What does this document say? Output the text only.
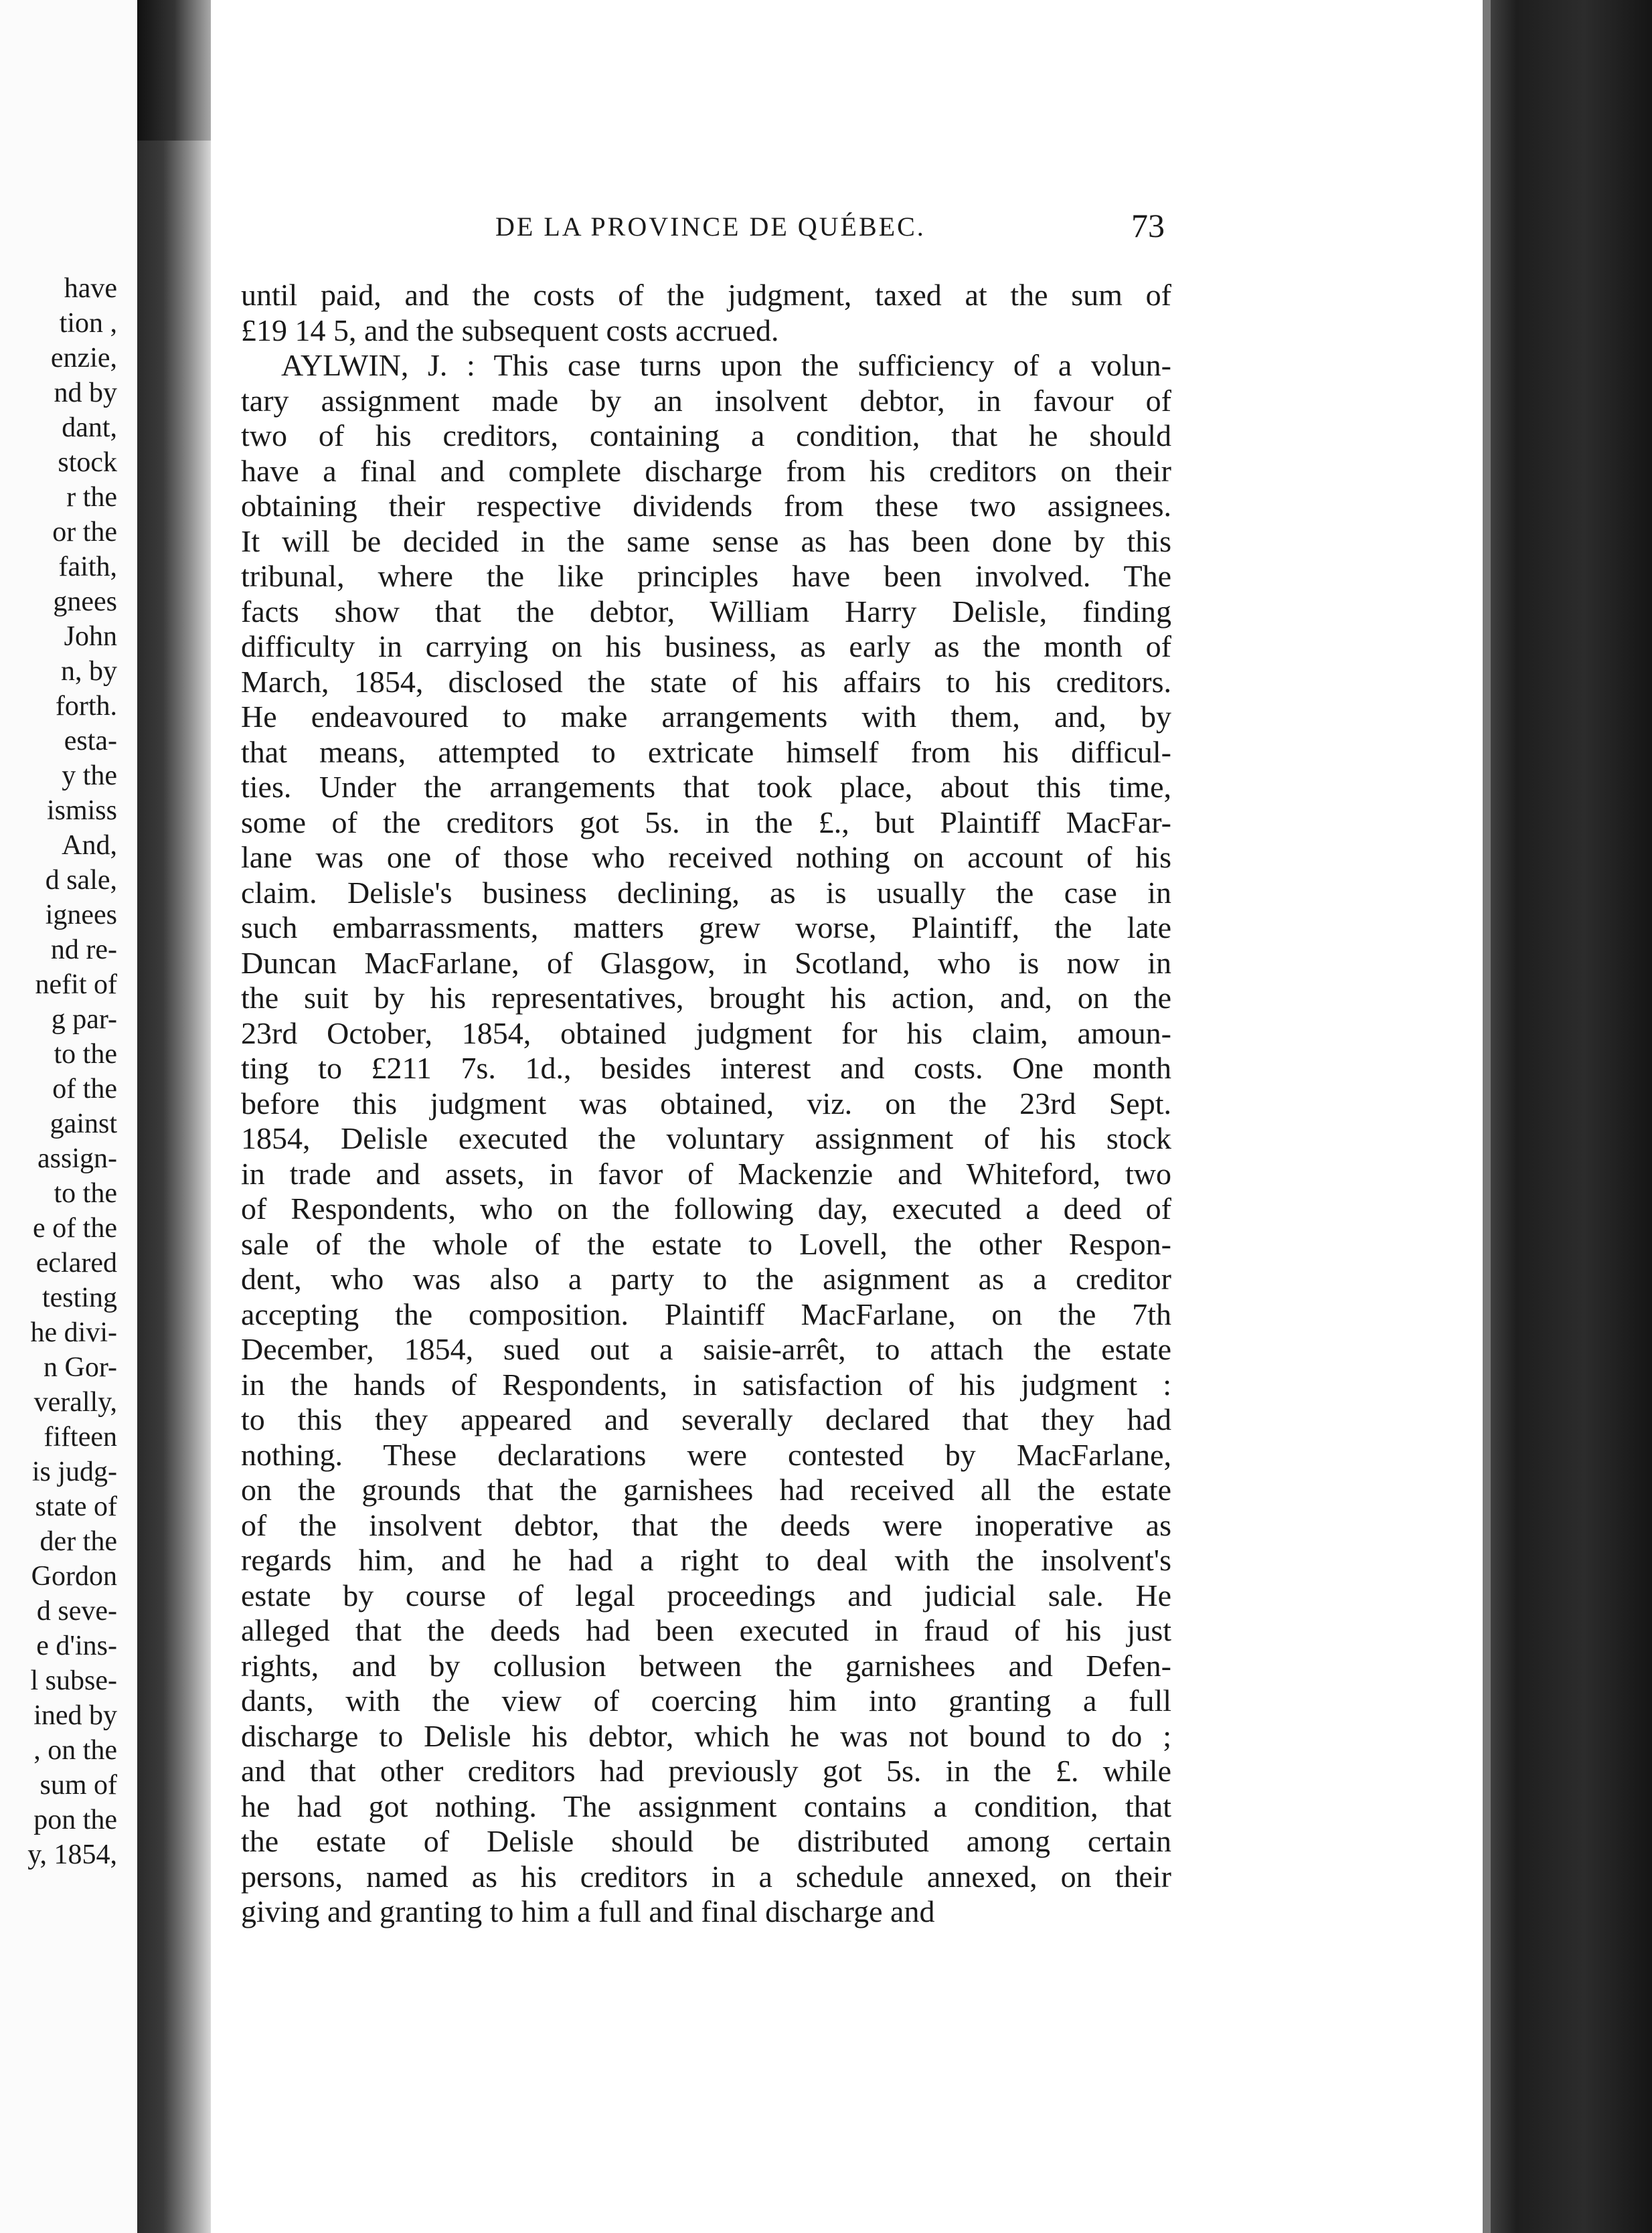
have
tion ,
enzie,
nd by
dant,
stock
r the
or the
faith,
gnees
John
n, by
forth.
esta-
y the
ismiss
And,
d sale,
ignees
nd re-
nefit of
g par-
to the
of the
gainst
assign-
to the
e of the
eclared
testing
he divi-
n Gor-
verally,
fifteen
is judg-
state of
der the
Gordon
d seve-
e d'ins-
l subse-
ined by
, on the
sum of
pon the
y, 1854,
DE LA PROVINCE DE QUÉBEC.	73
until paid, and the costs of the judgment, taxed at the sum of
£19 14 5, and the subsequent costs accrued.
AYLWIN, J. : This case turns upon the sufficiency of a volun-
tary assignment made by an insolvent debtor, in favour of
two of his creditors, containing a condition, that he should
have a final and complete discharge from his creditors on their
obtaining their respective dividends from these two assignees.
It will be decided in the same sense as has been done by this
tribunal, where the like principles have been involved. The
facts show that the debtor, William Harry Delisle, finding
difficulty in carrying on his business, as early as the month of
March, 1854, disclosed the state of his affairs to his creditors.
He endeavoured to make arrangements with them, and, by
that means, attempted to extricate himself from his difficul-
ties. Under the arrangements that took place, about this time,
some of the creditors got 5s. in the £., but Plaintiff MacFar-
lane was one of those who received nothing on account of his
claim. Delisle's business declining, as is usually the case in
such embarrassments, matters grew worse, Plaintiff, the late
Duncan MacFarlane, of Glasgow, in Scotland, who is now in
the suit by his representatives, brought his action, and, on the
23rd October, 1854, obtained judgment for his claim, amoun-
ting to £211 7s. 1d., besides interest and costs. One month
before this judgment was obtained, viz. on the 23rd Sept.
1854, Delisle executed the voluntary assignment of his stock
in trade and assets, in favor of Mackenzie and Whiteford, two
of Respondents, who on the following day, executed a deed of
sale of the whole of the estate to Lovell, the other Respon-
dent, who was also a party to the asignment as a creditor
accepting the composition. Plaintiff MacFarlane, on the 7th
December, 1854, sued out a saisie-arrêt, to attach the estate
in the hands of Respondents, in satisfaction of his judgment :
to this they appeared and severally declared that they had
nothing. These declarations were contested by MacFarlane,
on the grounds that the garnishees had received all the estate
of the insolvent debtor, that the deeds were inoperative as
regards him, and he had a right to deal with the insolvent's
estate by course of legal proceedings and judicial sale. He
alleged that the deeds had been executed in fraud of his just
rights, and by collusion between the garnishees and Defen-
dants, with the view of coercing him into granting a full
discharge to Delisle his debtor, which he was not bound to do ;
and that other creditors had previously got 5s. in the £. while
he had got nothing. The assignment contains a condition, that
the estate of Delisle should be distributed among certain
persons, named as his creditors in a schedule annexed, on their
giving and granting to him a full and final discharge and
